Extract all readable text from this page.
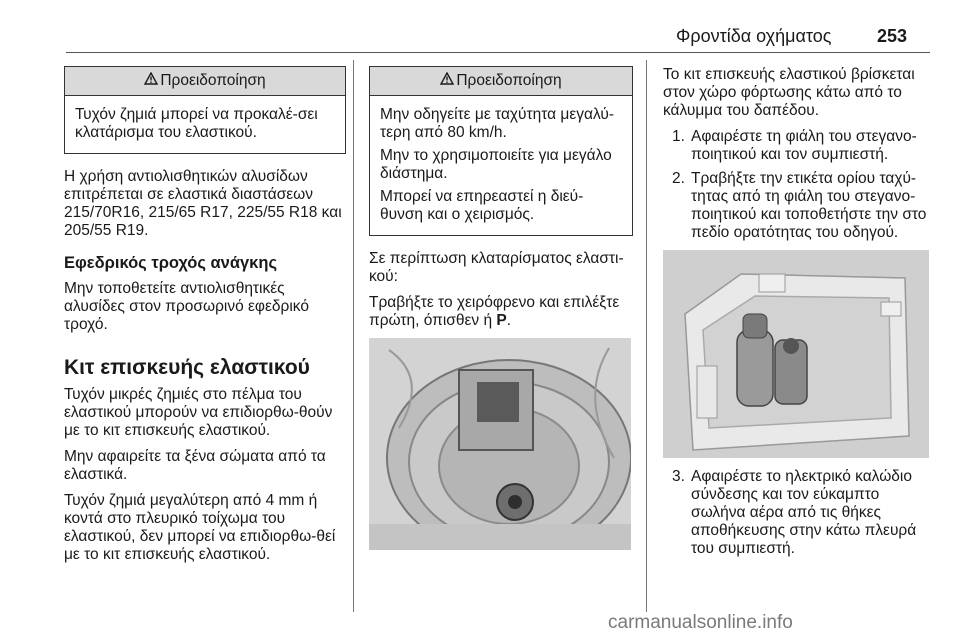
Φροντίδα οχήματος	253
Προειδοποίηση

Τυχόν ζημιά μπορεί να προκαλέ-σει κλατάρισμα του ελαστικού.

Η χρήση αντιολισθητικών αλυσίδων επιτρέπεται σε ελαστικά διαστάσεων 215/70R16, 215/65 R17, 225/55 R18 και 205/55 R19.

Εφεδρικός τροχός ανάγκης

Μην τοποθετείτε αντιολισθητικές αλυσίδες στον προσωρινό εφεδρικό τροχό.

Κιτ επισκευής ελαστικού

Τυχόν μικρές ζημιές στο πέλμα του ελαστικού μπορούν να επιδιορθω-θούν με το κιτ επισκευής ελαστικού.

Μην αφαιρείτε τα ξένα σώματα από τα ελαστικά.

Τυχόν ζημιά μεγαλύτερη από 4 mm ή κοντά στο πλευρικό τοίχωμα του ελαστικού, δεν μπορεί να επιδιορθω-θεί με το κιτ επισκευής ελαστικού.

Προειδοποίηση

Μην οδηγείτε με ταχύτητα μεγαλύ-τερη από 80 km/h.

Μην το χρησιμοποιείτε για μεγάλο διάστημα.

Μπορεί να επηρεαστεί η διεύ-θυνση και ο χειρισμός.

Σε περίπτωση κλαταρίσματος ελαστι-κού:

Τραβήξτε το χειρόφρενο και επιλέξτε πρώτη, όπισθεν ή P.

Το κιτ επισκευής ελαστικού βρίσκεται στον χώρο φόρτωσης κάτω από το κάλυμμα του δαπέδου.

1. Αφαιρέστε τη φιάλη του στεγανο-ποιητικού και τον συμπιεστή.
2. Τραβήξτε την ετικέτα ορίου ταχύ-τητας από τη φιάλη του στεγανο-ποιητικού και τοποθετήστε την στο πεδίο ορατότητας του οδηγού.
3. Αφαιρέστε το ηλεκτρικό καλώδιο σύνδεσης και τον εύκαμπτο σωλήνα αέρα από τις θήκες αποθήκευσης στην κάτω πλευρά του συμπιεστή.
carmanualsonline.info
